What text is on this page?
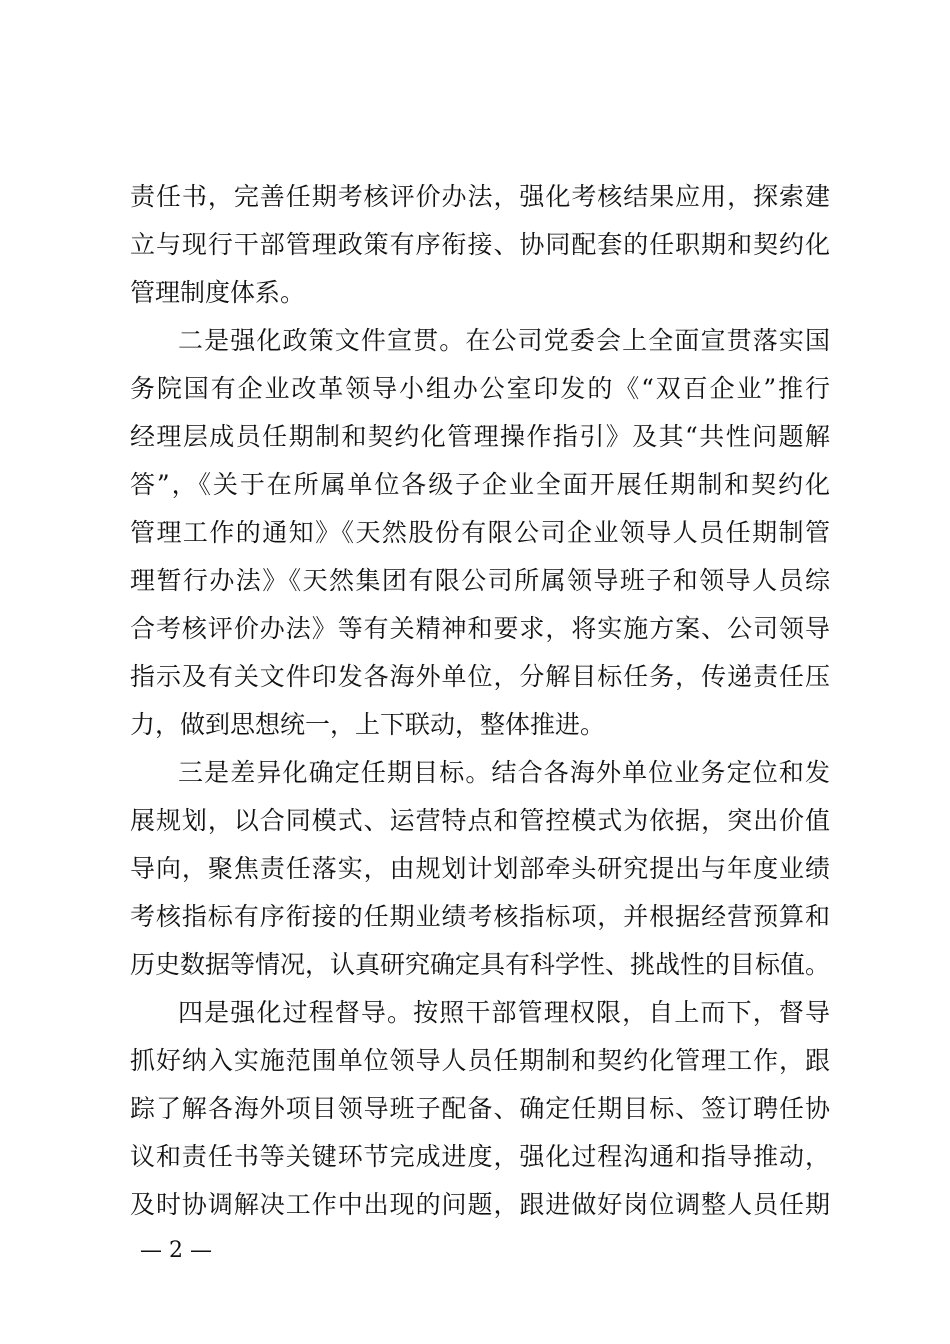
责任书，完善任期考核评价办法，强化考核结果应用，探索建
立与现行干部管理政策有序衔接、协同配套的任职期和契约化
管理制度体系。
二是强化政策文件宣贯。在公司党委会上全面宣贯落实国
务院国有企业改革领导小组办公室印发的《“双百企业”推行
经理层成员任期制和契约化管理操作指引》及其“共性问题解
答”，《关于在所属单位各级子企业全面开展任期制和契约化
管理工作的通知》《天然股份有限公司企业领导人员任期制管
理暂行办法》《天然集团有限公司所属领导班子和领导人员综
合考核评价办法》等有关精神和要求，将实施方案、公司领导
指示及有关文件印发各海外单位，分解目标任务，传递责任压
力，做到思想统一，上下联动，整体推进。
三是差异化确定任期目标。结合各海外单位业务定位和发
展规划，以合同模式、运营特点和管控模式为依据，突出价值
导向，聚焦责任落实，由规划计划部牵头研究提出与年度业绩
考核指标有序衔接的任期业绩考核指标项，并根据经营预算和
历史数据等情况，认真研究确定具有科学性、挑战性的目标值。
四是强化过程督导。按照干部管理权限，自上而下，督导
抓好纳入实施范围单位领导人员任期制和契约化管理工作，跟
踪了解各海外项目领导班子配备、确定任期目标、签订聘任协
议和责任书等关键环节完成进度，强化过程沟通和指导推动，
及时协调解决工作中出现的问题，跟进做好岗位调整人员任期
— 2 —
